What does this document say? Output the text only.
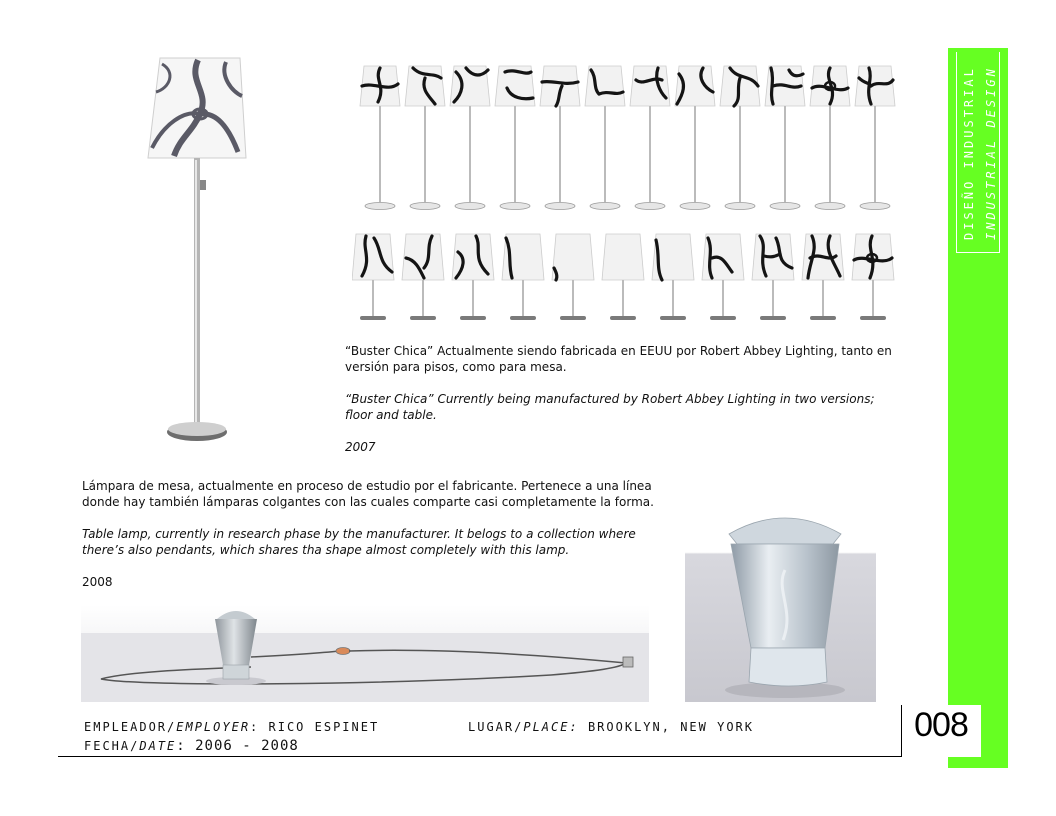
DISEÑO INDUSTRIAL INDUSTRIAL DESIGN

“Buster Chica” Actualmente siendo fabricada en EEUU por Robert Abbey Lighting, tanto en versión para pisos, como para mesa.

“Buster Chica” Currently being manufactured by Robert Abbey Lighting in two versions; floor and table.

2007

Lámpara de mesa, actualmente en proceso de estudio por el fabricante. Pertenece a una línea donde hay también lámparas colgantes con las cuales comparte casi completamente la forma.

Table lamp, currently in research phase by the manufacturer. It belogs to a collection where there’s also pendants, which shares tha shape almost completely with this lamp.

2008

EMPLEADOR/EMPLOYER: RICO ESPINET	LUGAR/PLACE: BROOKLYN, NEW YORK
FECHA/DATE: 2006 - 2008
008
